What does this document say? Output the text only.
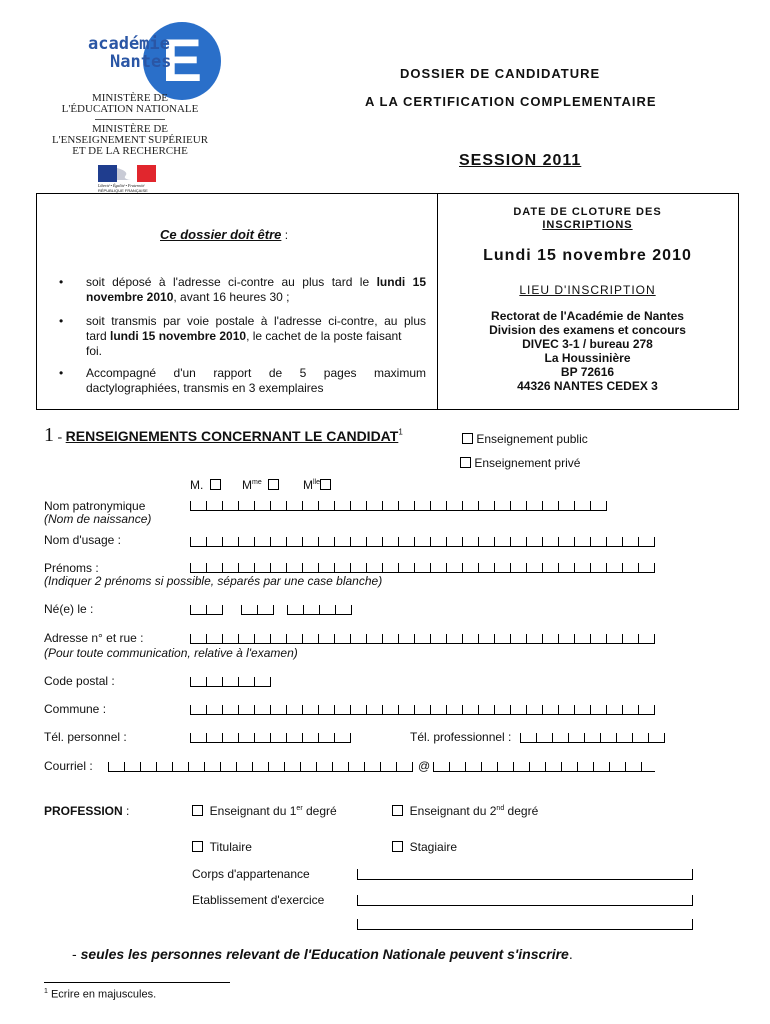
E
académie
Nantes
MINISTÈRE DE
L'ÉDUCATION NATIONALE
MINISTÈRE DE
L'ENSEIGNEMENT SUPÉRIEUR
ET DE LA RECHERCHE
Liberté • Égalité • Fraternité
RÉPUBLIQUE FRANÇAISE
DOSSIER DE CANDIDATURE
A LA CERTIFICATION COMPLEMENTAIRE
SESSION 2011
Ce dossier doit être :
• soit déposé à l'adresse ci-contre au plus tard le lundi 15
novembre 2010, avant 16 heures 30 ;
• soit transmis par voie postale à l'adresse ci-contre, au plus
tard lundi 15 novembre 2010, le cachet de la poste faisant
foi.
• Accompagné d'un rapport de 5 pages maximum
dactylographiées, transmis en 3 exemplaires
DATE DE CLOTURE DES
INSCRIPTIONS
Lundi 15 novembre 2010
LIEU D'INSCRIPTION
Rectorat de l'Académie de Nantes
Division des examens et concours
DIVEC 3-1 / bureau 278
La Houssinière
BP 72616
44326 NANTES CEDEX 3
1 - RENSEIGNEMENTS CONCERNANT LE CANDIDAT$^1$	Enseignement public
Enseignement privé
M.	$M^{me}$	$M^{lle}$
Nom patronymique
(Nom de naissance)
Nom d'usage :
Prénoms :
(Indiquer 2 prénoms si possible, séparés par une case blanche)
Né(e) le :
Adresse n° et rue :
(Pour toute communication, relative à l'examen)
Code postal :
Commune :
Tél. personnel :	Tél. professionnel :
Courriel :	@
PROFESSION :	Enseignant du 1er degré	Enseignant du 2nd degré
Titulaire	Stagiaire
Corps d'appartenance
Etablissement d'exercice
- seules les personnes relevant de l'Education Nationale peuvent s'inscrire.
$^1$ Ecrire en majuscules.
